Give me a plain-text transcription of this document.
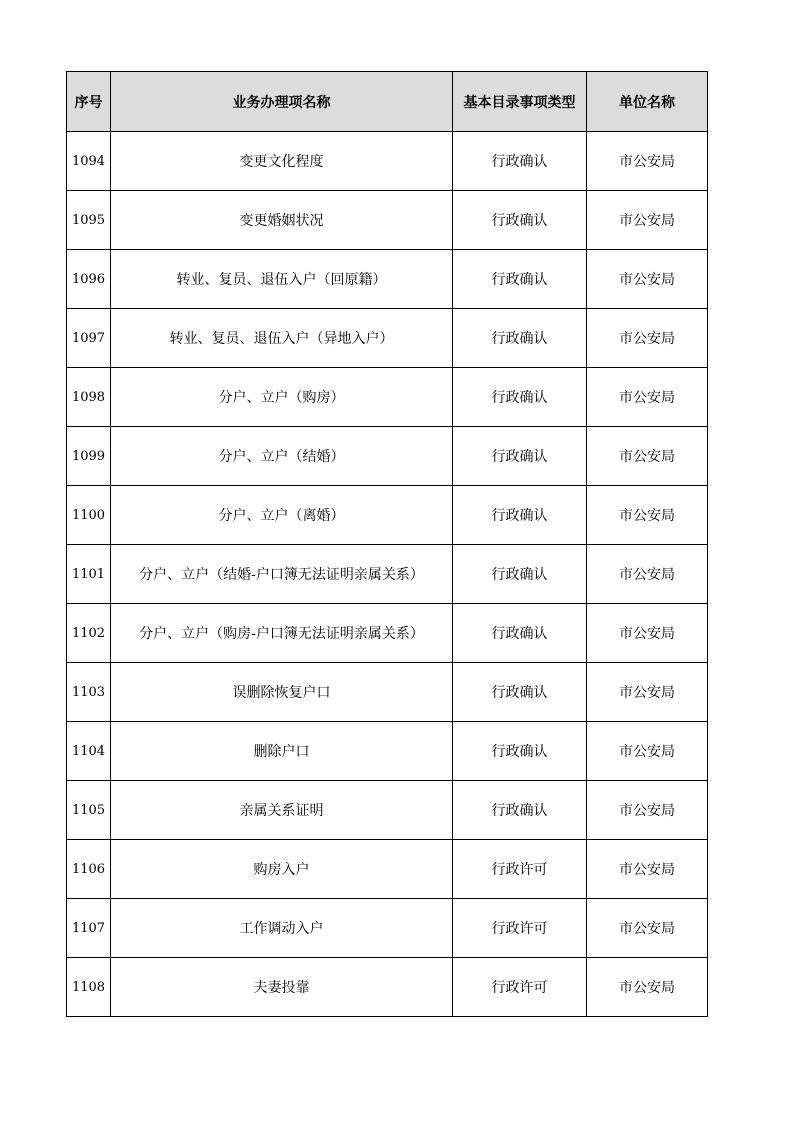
序号	业务办理项名称	基本目录事项类型	单位名称
1094	变更文化程度	行政确认	市公安局
1095	变更婚姻状况	行政确认	市公安局
1096	转业、复员、退伍入户（回原籍）	行政确认	市公安局
1097	转业、复员、退伍入户（异地入户）	行政确认	市公安局
1098	分户、立户（购房）	行政确认	市公安局
1099	分户、立户（结婚）	行政确认	市公安局
1100	分户、立户（离婚）	行政确认	市公安局
1101	分户、立户（结婚-户口簿无法证明亲属关系）	行政确认	市公安局
1102	分户、立户（购房-户口簿无法证明亲属关系）	行政确认	市公安局
1103	误删除恢复户口	行政确认	市公安局
1104	删除户口	行政确认	市公安局
1105	亲属关系证明	行政确认	市公安局
1106	购房入户	行政许可	市公安局
1107	工作调动入户	行政许可	市公安局
1108	夫妻投靠	行政许可	市公安局
